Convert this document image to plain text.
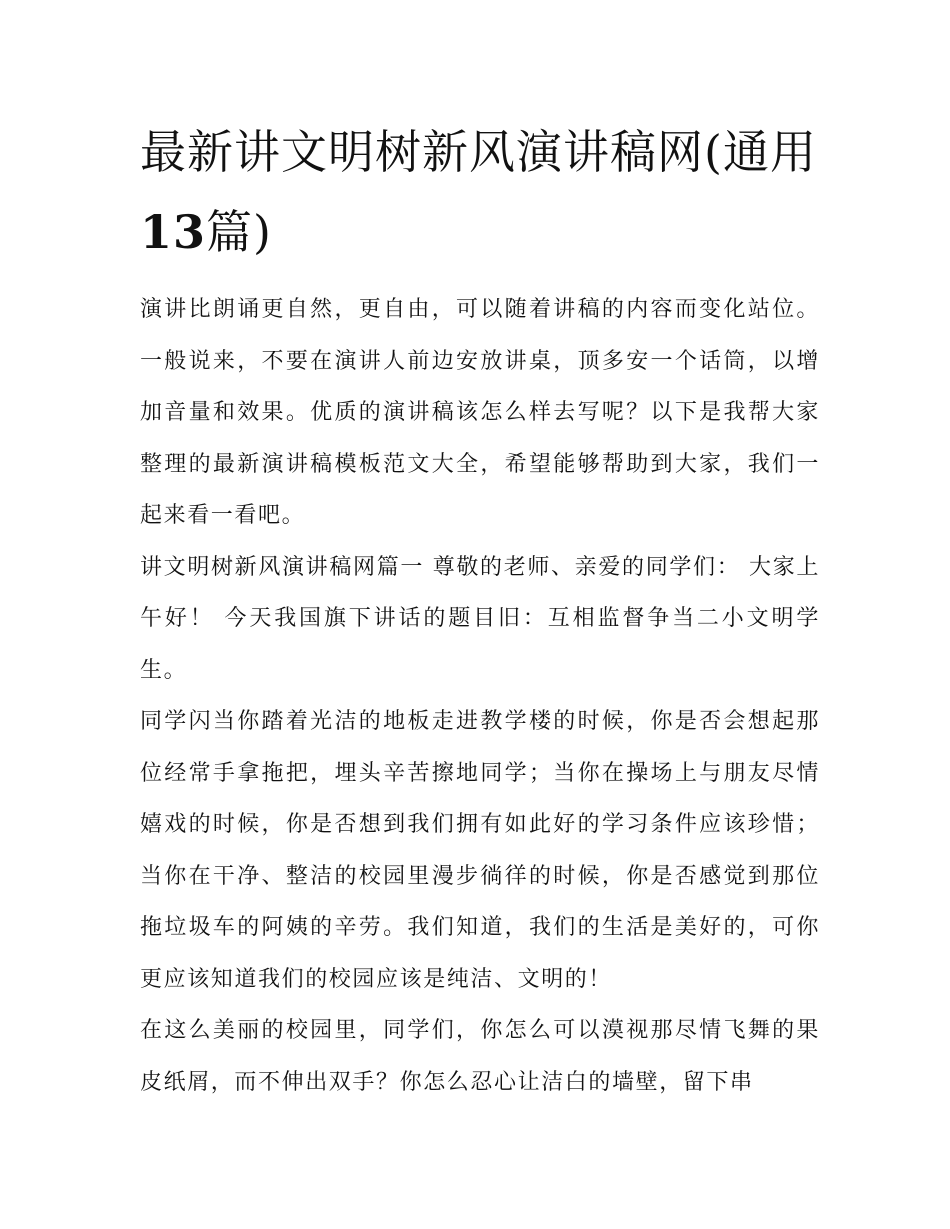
最新讲文明树新风演讲稿网(通用13篇)

演讲比朗诵更自然，更自由，可以随着讲稿的内容而变化站位。一般说来，不要在演讲人前边安放讲桌，顶多安一个话筒，以增加音量和效果。优质的演讲稿该怎么样去写呢？以下是我帮大家整理的最新演讲稿模板范文大全，希望能够帮助到大家，我们一起来看一看吧。

讲文明树新风演讲稿网篇一 尊敬的老师、亲爱的同学们： 大家上午好！ 今天我国旗下讲话的题目旧：互相监督争当二小文明学生。

同学闪当你踏着光洁的地板走进教学楼的时候，你是否会想起那位经常手拿拖把，埋头辛苦擦地同学；当你在操场上与朋友尽情嬉戏的时候，你是否想到我们拥有如此好的学习条件应该珍惜；当你在干净、整洁的校园里漫步徜徉的时候，你是否感觉到那位拖垃圾车的阿姨的辛劳。我们知道，我们的生活是美好的，可你更应该知道我们的校园应该是纯洁、文明的！

在这么美丽的校园里，同学们，你怎么可以漠视那尽情飞舞的果皮纸屑，而不伸出双手？你怎么忍心让洁白的墙壁，留下串
